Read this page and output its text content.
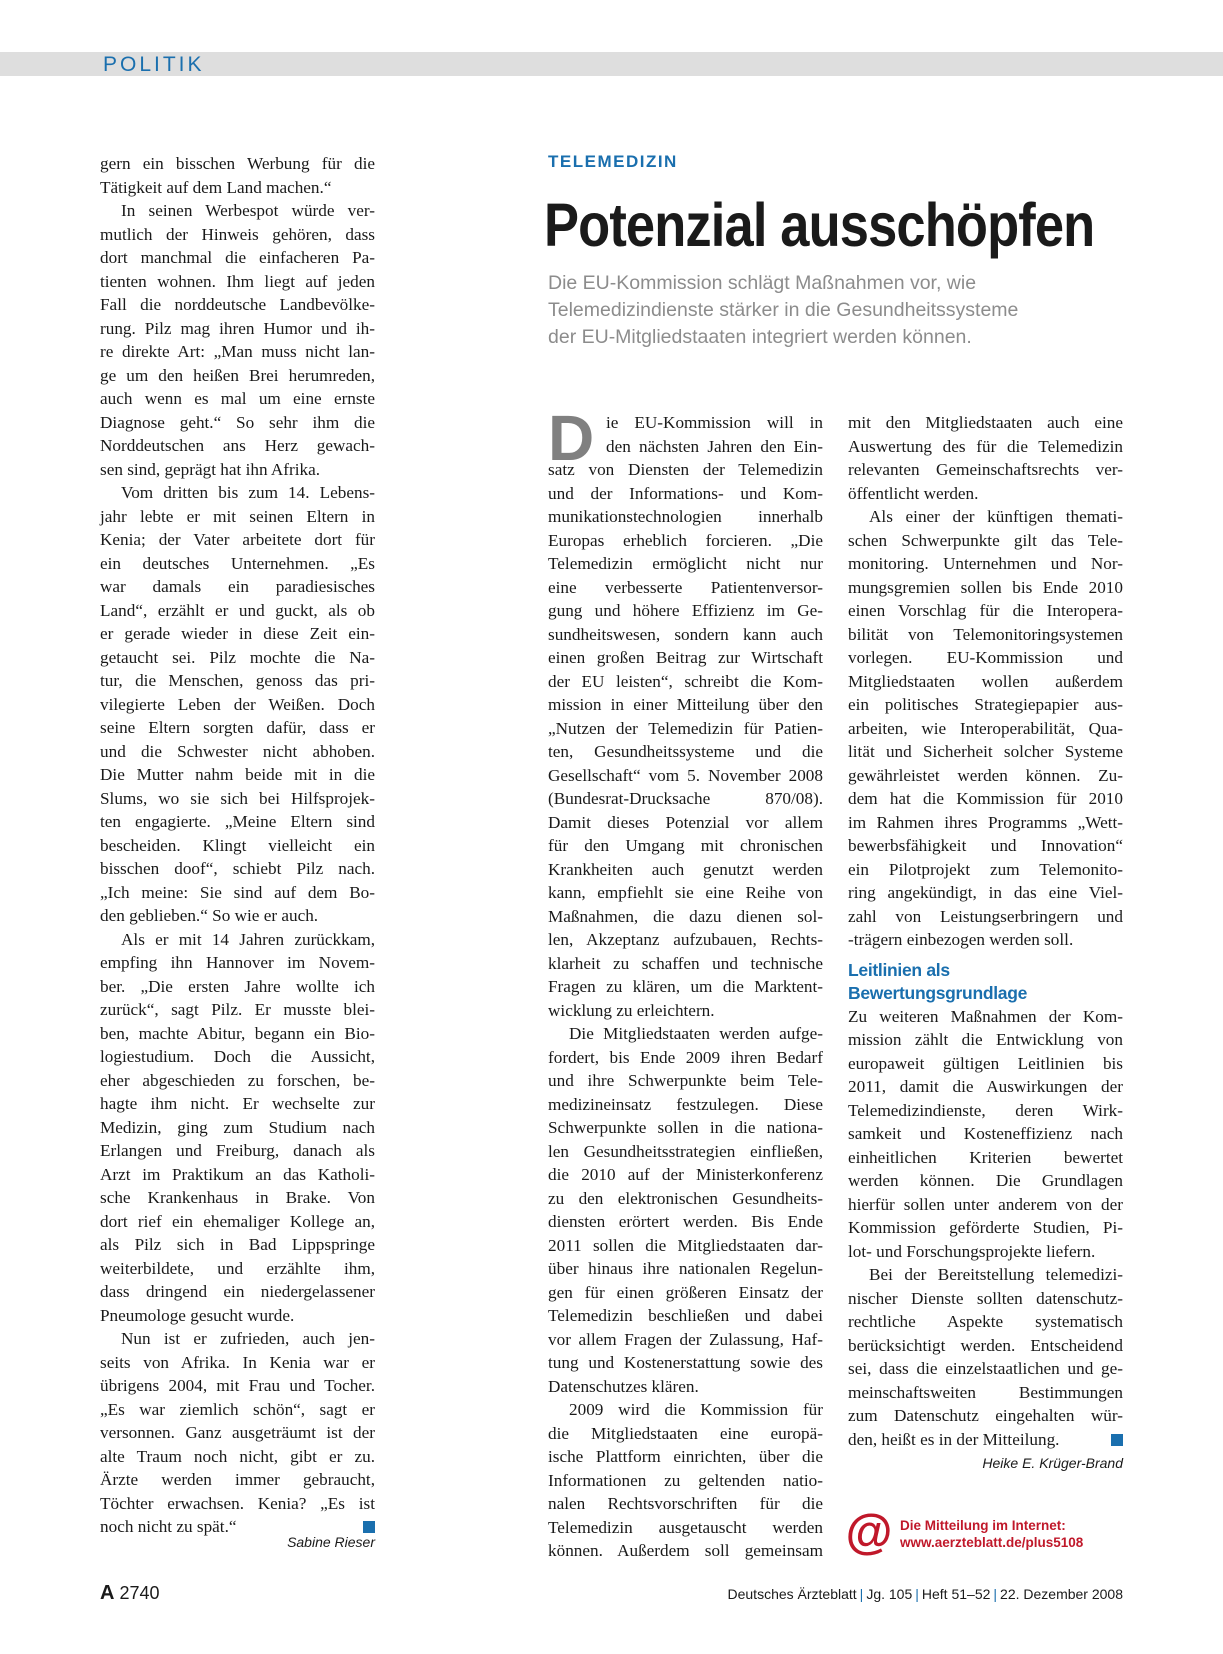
POLITIK
gern ein bisschen Werbung für die
Tätigkeit auf dem Land machen.“
In seinen Werbespot würde ver-
mutlich der Hinweis gehören, dass
dort manchmal die einfacheren Pa-
tienten wohnen. Ihm liegt auf jeden
Fall die norddeutsche Landbevölke-
rung. Pilz mag ihren Humor und ih-
re direkte Art: „Man muss nicht lan-
ge um den heißen Brei herumreden,
auch wenn es mal um eine ernste
Diagnose geht.“ So sehr ihm die
Norddeutschen ans Herz gewach-
sen sind, geprägt hat ihn Afrika.
Vom dritten bis zum 14. Lebens-
jahr lebte er mit seinen Eltern in
Kenia; der Vater arbeitete dort für
ein deutsches Unternehmen. „Es
war damals ein paradiesisches
Land“, erzählt er und guckt, als ob
er gerade wieder in diese Zeit ein-
getaucht sei. Pilz mochte die Na-
tur, die Menschen, genoss das pri-
vilegierte Leben der Weißen. Doch
seine Eltern sorgten dafür, dass er
und die Schwester nicht abhoben.
Die Mutter nahm beide mit in die
Slums, wo sie sich bei Hilfsprojek-
ten engagierte. „Meine Eltern sind
bescheiden. Klingt vielleicht ein
bisschen doof“, schiebt Pilz nach.
„Ich meine: Sie sind auf dem Bo-
den geblieben.“ So wie er auch.
Als er mit 14 Jahren zurückkam,
empfing ihn Hannover im Novem-
ber. „Die ersten Jahre wollte ich
zurück“, sagt Pilz. Er musste blei-
ben, machte Abitur, begann ein Bio-
logiestudium. Doch die Aussicht,
eher abgeschieden zu forschen, be-
hagte ihm nicht. Er wechselte zur
Medizin, ging zum Studium nach
Erlangen und Freiburg, danach als
Arzt im Praktikum an das Katholi-
sche Krankenhaus in Brake. Von
dort rief ein ehemaliger Kollege an,
als Pilz sich in Bad Lippspringe
weiterbildete, und erzählte ihm,
dass dringend ein niedergelassener
Pneumologe gesucht wurde.
Nun ist er zufrieden, auch jen-
seits von Afrika. In Kenia war er
übrigens 2004, mit Frau und Tocher.
„Es war ziemlich schön“, sagt er
versonnen. Ganz ausgeträumt ist der
alte Traum noch nicht, gibt er zu.
Ärzte werden immer gebraucht,
Töchter erwachsen. Kenia? „Es ist
noch nicht zu spät.“
Sabine Rieser
TELEMEDIZIN
Potenzial ausschöpfen
Die EU-Kommission schlägt Maßnahmen vor, wie
Telemedizindienste stärker in die Gesundheitssysteme
der EU-Mitgliedstaaten integriert werden können.
D ie EU-Kommission will in
den nächsten Jahren den Ein-
satz von Diensten der Telemedizin
und der Informations- und Kom-
munikationstechnologien innerhalb
Europas erheblich forcieren. „Die
Telemedizin ermöglicht nicht nur
eine verbesserte Patientenversor-
gung und höhere Effizienz im Ge-
sundheitswesen, sondern kann auch
einen großen Beitrag zur Wirtschaft
der EU leisten“, schreibt die Kom-
mission in einer Mitteilung über den
„Nutzen der Telemedizin für Patien-
ten, Gesundheitssysteme und die
Gesellschaft“ vom 5. November 2008
(Bundesrat-Drucksache 870/08).
Damit dieses Potenzial vor allem
für den Umgang mit chronischen
Krankheiten auch genutzt werden
kann, empfiehlt sie eine Reihe von
Maßnahmen, die dazu dienen sol-
len, Akzeptanz aufzubauen, Rechts-
klarheit zu schaffen und technische
Fragen zu klären, um die Marktent-
wicklung zu erleichtern.
Die Mitgliedstaaten werden aufge-
fordert, bis Ende 2009 ihren Bedarf
und ihre Schwerpunkte beim Tele-
medizineinsatz festzulegen. Diese
Schwerpunkte sollen in die nationa-
len Gesundheitsstrategien einfließen,
die 2010 auf der Ministerkonferenz
zu den elektronischen Gesundheits-
diensten erörtert werden. Bis Ende
2011 sollen die Mitgliedstaaten dar-
über hinaus ihre nationalen Regelun-
gen für einen größeren Einsatz der
Telemedizin beschließen und dabei
vor allem Fragen der Zulassung, Haf-
tung und Kostenerstattung sowie des
Datenschutzes klären.
2009 wird die Kommission für
die Mitgliedstaaten eine europä-
ische Plattform einrichten, über die
Informationen zu geltenden natio-
nalen Rechtsvorschriften für die
Telemedizin ausgetauscht werden
können. Außerdem soll gemeinsam
mit den Mitgliedstaaten auch eine
Auswertung des für die Telemedizin
relevanten Gemeinschaftsrechts ver-
öffentlicht werden.
Als einer der künftigen themati-
schen Schwerpunkte gilt das Tele-
monitoring. Unternehmen und Nor-
mungsgremien sollen bis Ende 2010
einen Vorschlag für die Interopera-
bilität von Telemonitoringsystemen
vorlegen. EU-Kommission und
Mitgliedstaaten wollen außerdem
ein politisches Strategiepapier aus-
arbeiten, wie Interoperabilität, Qua-
lität und Sicherheit solcher Systeme
gewährleistet werden können. Zu-
dem hat die Kommission für 2010
im Rahmen ihres Programms „Wett-
bewerbsfähigkeit und Innovation“
ein Pilotprojekt zum Telemonito-
ring angekündigt, in das eine Viel-
zahl von Leistungserbringern und
-trägern einbezogen werden soll.
Leitlinien als
Bewertungsgrundlage
Zu weiteren Maßnahmen der Kom-
mission zählt die Entwicklung von
europaweit gültigen Leitlinien bis
2011, damit die Auswirkungen der
Telemedizindienste, deren Wirk-
samkeit und Kosteneffizienz nach
einheitlichen Kriterien bewertet
werden können. Die Grundlagen
hierfür sollen unter anderem von der
Kommission geförderte Studien, Pi-
lot- und Forschungsprojekte liefern.
Bei der Bereitstellung telemedizi-
nischer Dienste sollten datenschutz-
rechtliche Aspekte systematisch
berücksichtigt werden. Entscheidend
sei, dass die einzelstaatlichen und ge-
meinschaftsweiten Bestimmungen
zum Datenschutz eingehalten wür-
den, heißt es in der Mitteilung.
Heike E. Krüger-Brand
@ Die Mitteilung im Internet:
www.aerzteblatt.de/plus5108
A 2740	Deutsches Ärzteblatt | Jg. 105 | Heft 51–52 | 22. Dezember 2008
